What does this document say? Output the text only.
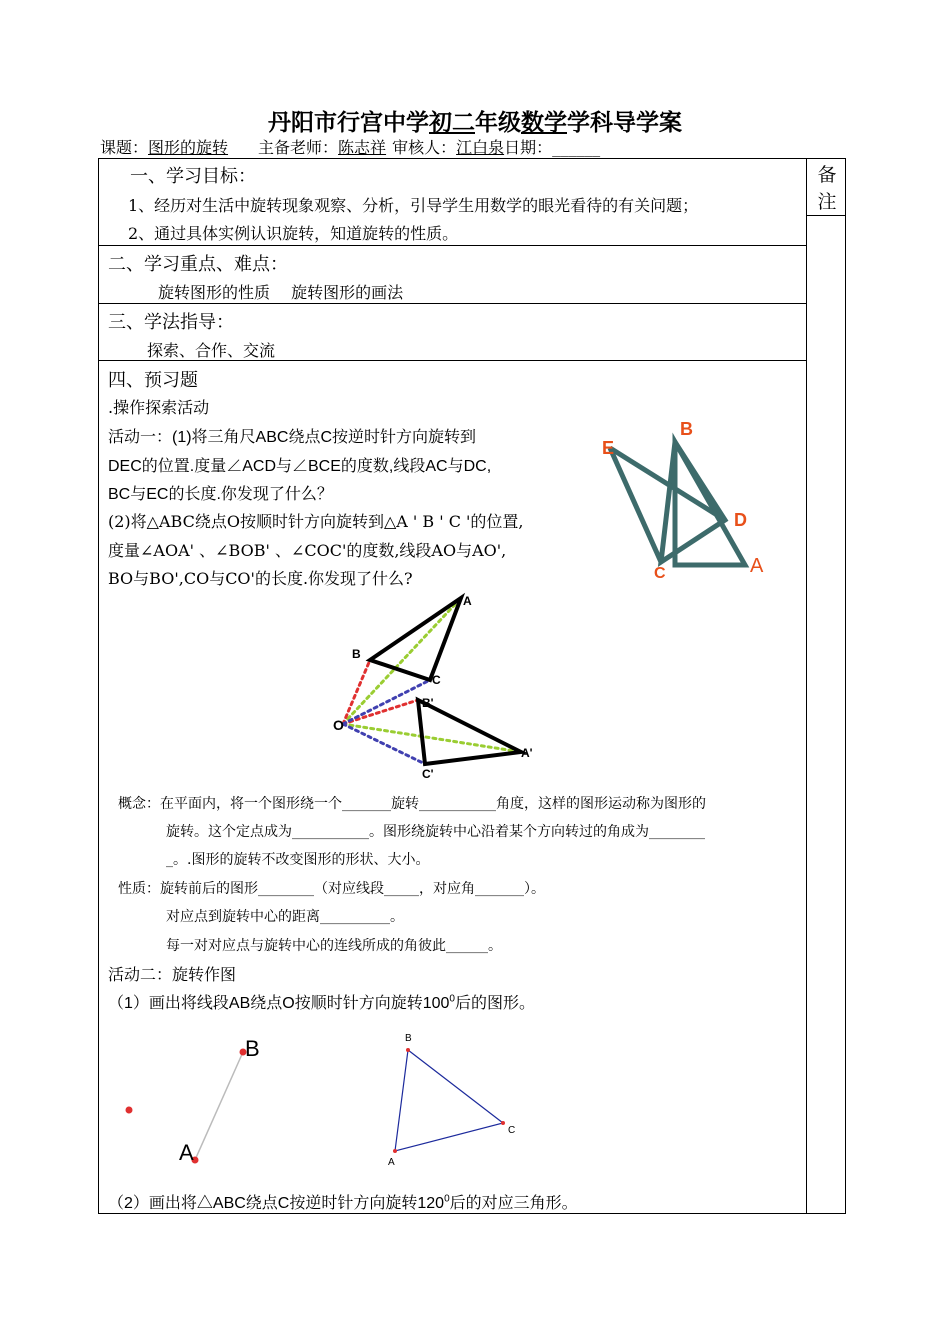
丹阳市行宫中学初二年级数学学科导学案
课题：图形的旋转 主备老师：陈志祥 审核人：江白泉日期：______
备
注
一、学习目标：
1、经历对生活中旋转现象观察、分析，引导学生用数学的眼光看待的有关问题；
2、通过具体实例认识旋转，知道旋转的性质。
二、学习重点、难点：
旋转图形的性质　 旋转图形的画法
三、学法指导：
探索、合作、交流
四、预习题
.操作探索活动
活动一：(1)将三角尺ABC绕点C按逆时针方向旋转到
DEC的位置.度量∠ACD与∠BCE的度数,线段AC与DC,
BC与EC的长度.你发现了什么？
(2)将△ABC绕点O按顺时针方向旋转到△A ' B ' C '的位置,
度量∠AOA' 、∠BOB' 、∠COC'的度数,线段AO与AO',
BO与BO',CO与CO'的长度.你发现了什么?
B
E
D
C	A
A
B
C
O
B'
A'
C'
概念：在平面内，将一个图形绕一个_______旋转___________角度，这样的图形运动称为图形的
旋转。这个定点成为___________。图形绕旋转中心沿着某个方向转过的角成为________
_。.图形的旋转不改变图形的形状、大小。
性质：旋转前后的图形________（对应线段_____，对应角_______）。
对应点到旋转中心的距离__________。
每一对对应点与旋转中心的连线所成的角彼此______。
活动二：旋转作图
（1）画出将线段AB绕点O按顺时针方向旋转$100^0$后的图形。
B
A
B
C
A
（2）画出将△ABC绕点C按逆时针方向旋转$120^0$后的对应三角形。
